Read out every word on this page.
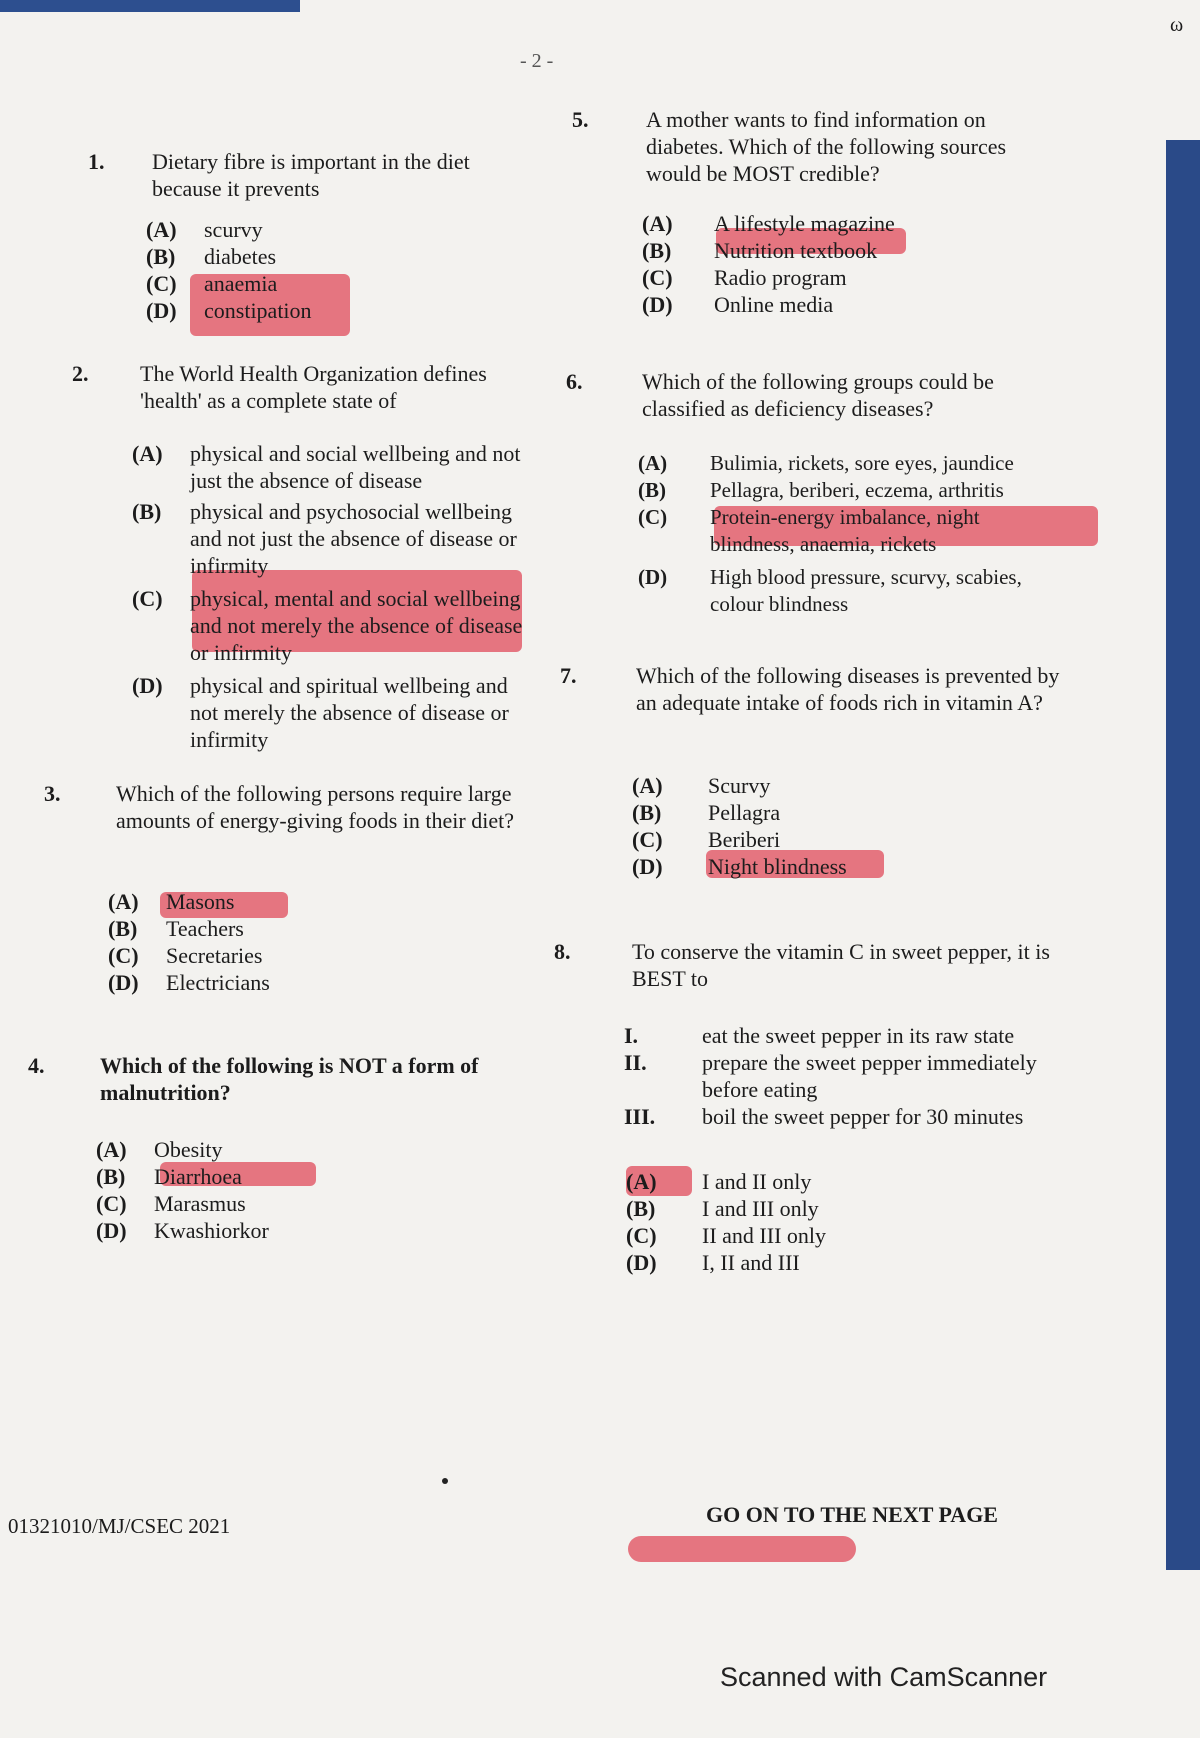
ω
- 2 -
1. Dietary fibre is important in the diet because it prevents
(A)	scurvy
(B)	diabetes
(C)	anaemia
(D)	constipation
2. The World Health Organization defines 'health' as a complete state of
(A)	physical and social wellbeing and not just the absence of disease
(B)	physical and psychosocial wellbeing and not just the absence of disease or infirmity
(C)	physical, mental and social wellbeing and not merely the absence of disease or infirmity
(D)	physical and spiritual wellbeing and not merely the absence of disease or infirmity
3.	Which of the following persons require large amounts of energy-giving foods in their diet?
(A)	Masons
(B)	Teachers
(C)	Secretaries
(D)	Electricians
4.	Which of the following is NOT a form of malnutrition?
(A)	Obesity
(B)	Diarrhoea
(C)	Marasmus
(D)	Kwashiorkor
5.	A mother wants to find information on diabetes. Which of the following sources would be MOST credible?
(A)	A lifestyle magazine
(B)	Nutrition textbook
(C)	Radio program
(D)	Online media
6.	Which of the following groups could be classified as deficiency diseases?
(A)	Bulimia, rickets, sore eyes, jaundice
(B)	Pellagra, beriberi, eczema, arthritis
(C)	Protein-energy imbalance, night blindness, anaemia, rickets
(D)	High blood pressure, scurvy, scabies, colour blindness
7.	Which of the following diseases is prevented by an adequate intake of foods rich in vitamin A?
(A)	Scurvy
(B)	Pellagra
(C)	Beriberi
(D)	Night blindness
8.	To conserve the vitamin C in sweet pepper, it is BEST to
I.	eat the sweet pepper in its raw state
II.	prepare the sweet pepper immediately before eating
III.	boil the sweet pepper for 30 minutes
(A)	I and II only
(B)	I and III only
(C)	II and III only
(D)	I, II and III
01321010/MJ/CSEC 2021	GO ON TO THE NEXT PAGE
Scanned with CamScanner
